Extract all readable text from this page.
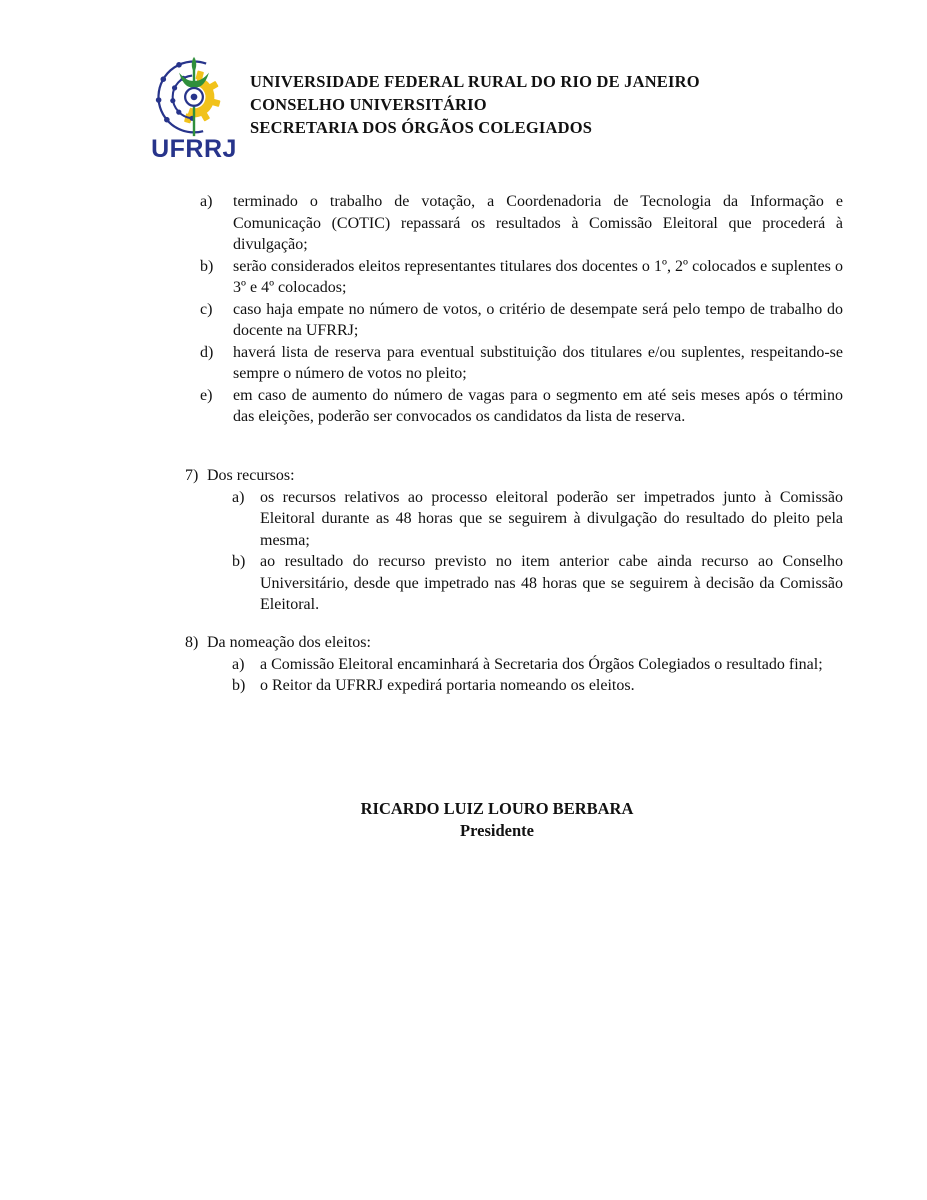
UFRRJ
UNIVERSIDADE FEDERAL RURAL DO RIO DE JANEIRO
CONSELHO UNIVERSITÁRIO
SECRETARIA DOS ÓRGÃOS COLEGIADOS
a)	terminado o trabalho de votação, a Coordenadoria de Tecnologia da Informação e Comunicação (COTIC) repassará os resultados à Comissão Eleitoral que procederá à divulgação;
b)	serão considerados eleitos representantes titulares dos docentes o 1º, 2º colocados e suplentes o 3º e 4º colocados;
c)	caso haja empate no número de votos, o critério de desempate será pelo tempo de trabalho do docente na UFRRJ;
d)	haverá lista de reserva para eventual substituição dos titulares e/ou suplentes, respeitando-se sempre o número de votos no pleito;
e)	em caso de aumento do número de vagas para o segmento em até seis meses após o término das eleições, poderão ser convocados os candidatos da lista de reserva.
7) Dos recursos:
a) os recursos relativos ao processo eleitoral poderão ser impetrados junto à Comissão Eleitoral durante as 48 horas que se seguirem à divulgação do resultado do pleito pela mesma;
b) ao resultado do recurso previsto no item anterior cabe ainda recurso ao Conselho Universitário, desde que impetrado nas 48 horas que se seguirem à decisão da Comissão Eleitoral.
8) Da nomeação dos eleitos:
a) a Comissão Eleitoral encaminhará à Secretaria dos Órgãos Colegiados o resultado final;
b) o Reitor da UFRRJ expedirá portaria nomeando os eleitos.
RICARDO LUIZ LOURO BERBARA
Presidente
